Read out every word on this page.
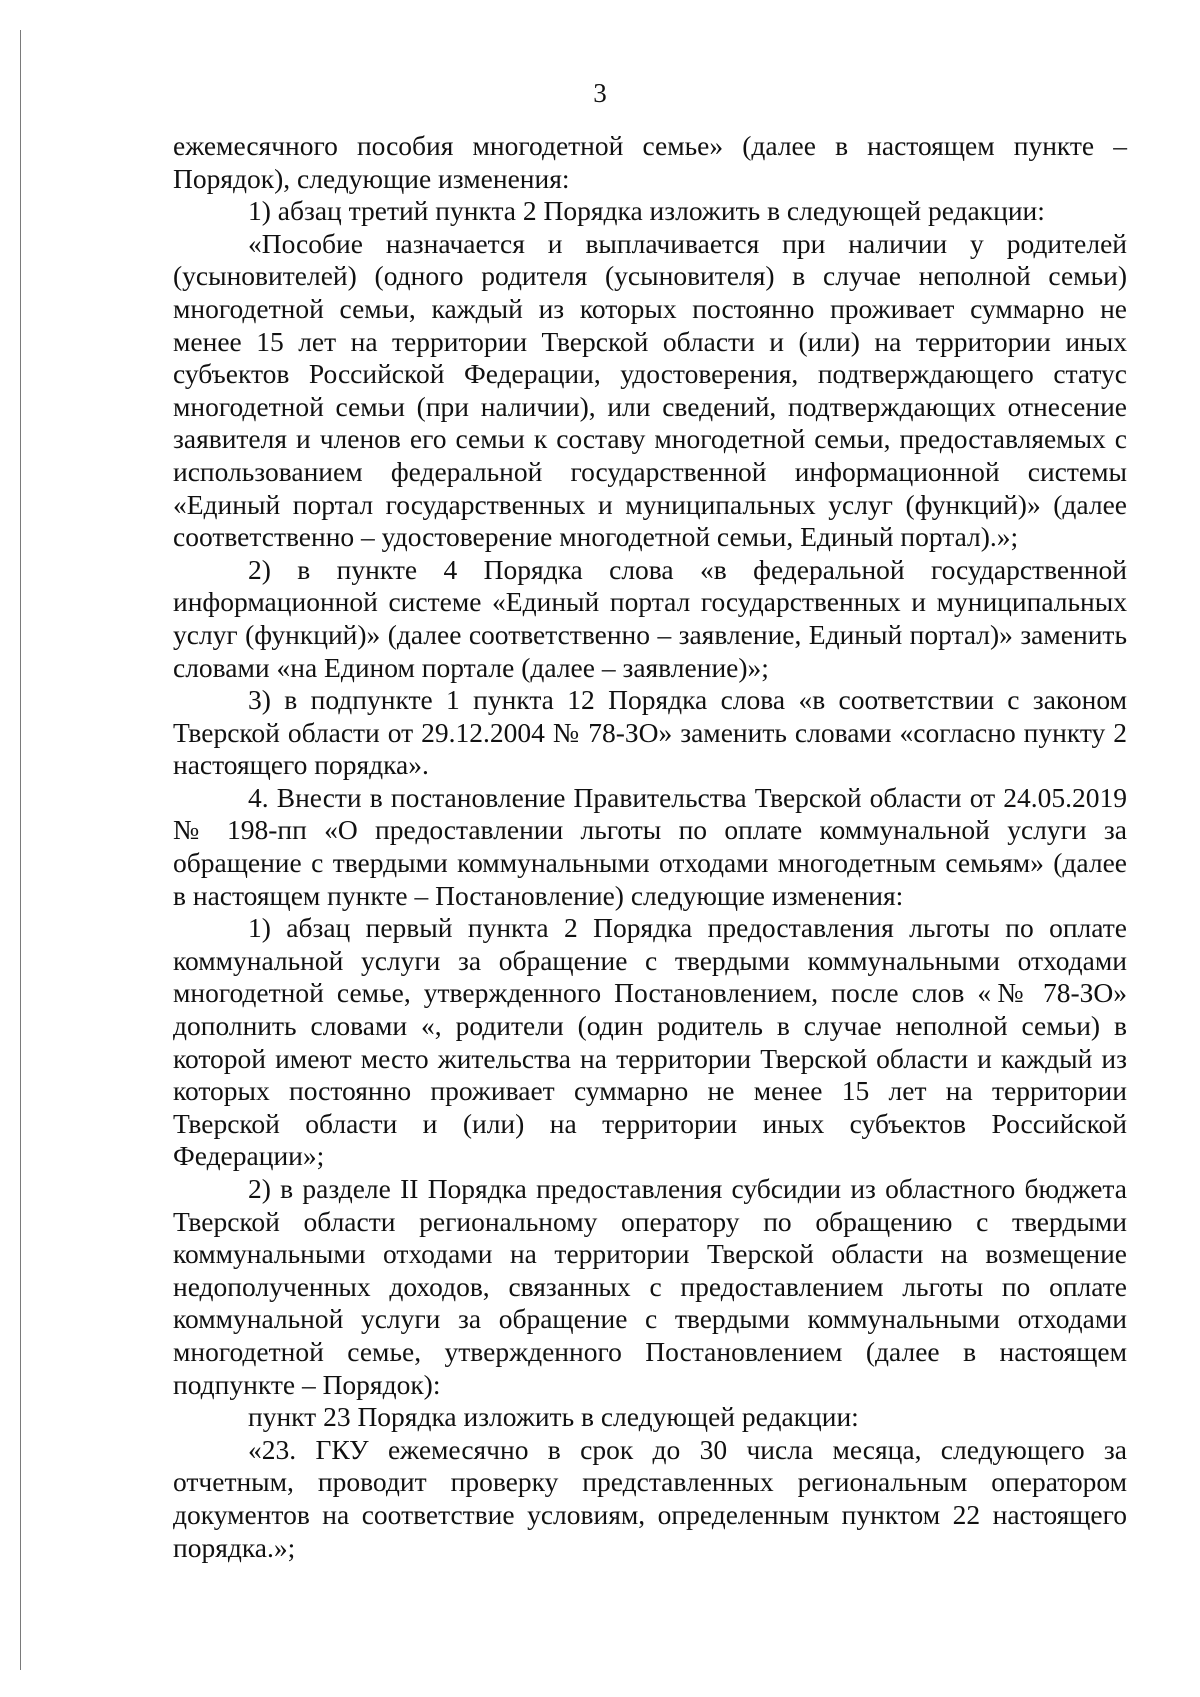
3

ежемесячного пособия многодетной семье» (далее в настоящем пункте – Порядок), следующие изменения:

1) абзац третий пункта 2 Порядка изложить в следующей редакции:

«Пособие назначается и выплачивается при наличии у родителей (усыновителей) (одного родителя (усыновителя) в случае неполной семьи) многодетной семьи, каждый из которых постоянно проживает суммарно не менее 15 лет на территории Тверской области и (или) на территории иных субъектов Российской Федерации, удостоверения, подтверждающего статус многодетной семьи (при наличии), или сведений, подтверждающих отнесение заявителя и членов его семьи к составу многодетной семьи, предоставляемых с использованием федеральной государственной информационной системы «Единый портал государственных и муниципальных услуг (функций)» (далее соответственно – удостоверение многодетной семьи, Единый портал).»;

2) в пункте 4 Порядка слова «в федеральной государственной информационной системе «Единый портал государственных и муниципальных услуг (функций)» (далее соответственно – заявление, Единый портал)» заменить словами «на Едином портале (далее – заявление)»;

3) в подпункте 1 пункта 12 Порядка слова «в соответствии с законом Тверской области от 29.12.2004 № 78-ЗО» заменить словами «согласно пункту 2 настоящего порядка».

4. Внести в постановление Правительства Тверской области от 24.05.2019 № 198-пп «О предоставлении льготы по оплате коммунальной услуги за обращение с твердыми коммунальными отходами многодетным семьям» (далее в настоящем пункте – Постановление) следующие изменения:

1) абзац первый пункта 2 Порядка предоставления льготы по оплате коммунальной услуги за обращение с твердыми коммунальными отходами многодетной семье, утвержденного Постановлением, после слов «№ 78-ЗО» дополнить словами «, родители (один родитель в случае неполной семьи) в которой имеют место жительства на территории Тверской области и каждый из которых постоянно проживает суммарно не менее 15 лет на территории Тверской области и (или) на территории иных субъектов Российской Федерации»;

2) в разделе II Порядка предоставления субсидии из областного бюджета Тверской области региональному оператору по обращению с твердыми коммунальными отходами на территории Тверской области на возмещение недополученных доходов, связанных с предоставлением льготы по оплате коммунальной услуги за обращение с твердыми коммунальными отходами многодетной семье, утвержденного Постановлением (далее в настоящем подпункте – Порядок):

пункт 23 Порядка изложить в следующей редакции:

«23. ГКУ ежемесячно в срок до 30 числа месяца, следующего за отчетным, проводит проверку представленных региональным оператором документов на соответствие условиям, определенным пунктом 22 настоящего порядка.»;
